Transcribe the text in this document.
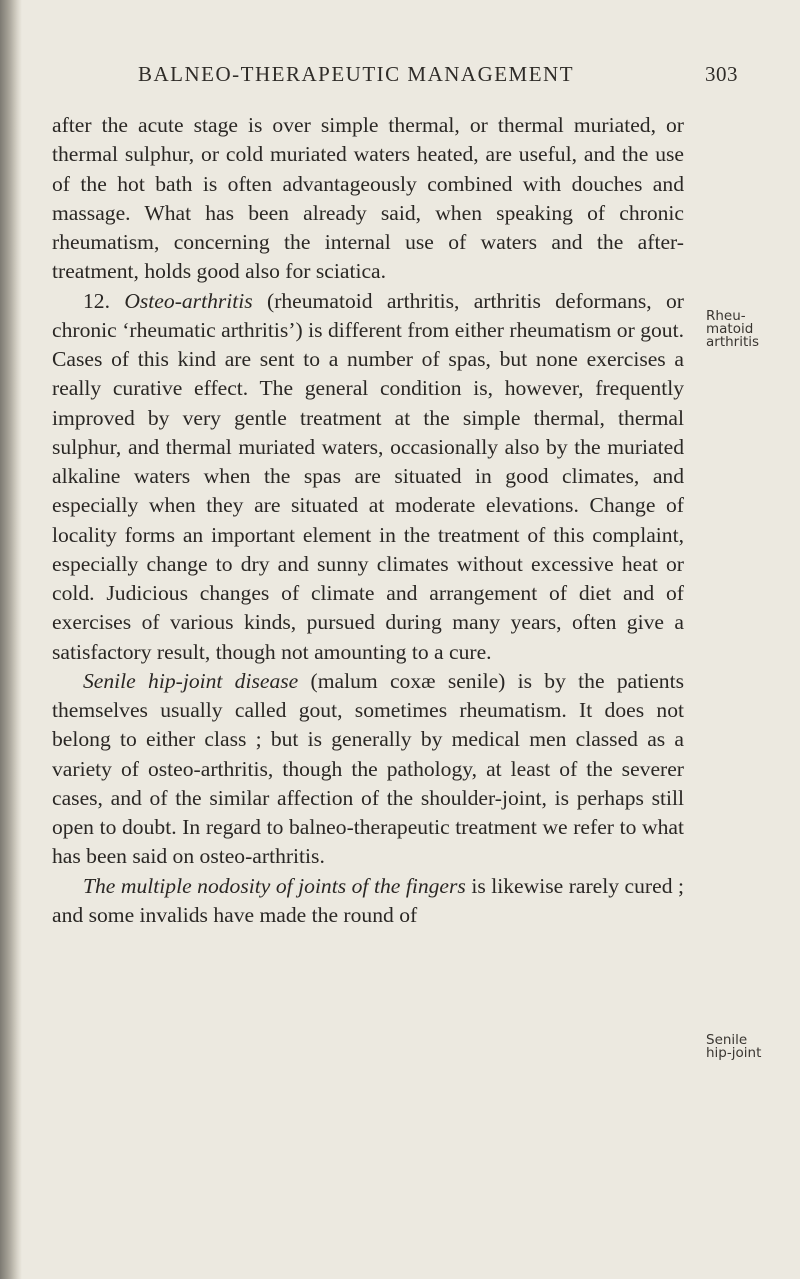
BALNEO-THERAPEUTIC MANAGEMENT	303

after the acute stage is over simple thermal, or thermal muriated, or thermal sulphur, or cold muriated waters heated, are useful, and the use of the hot bath is often advantageously combined with douches and massage. What has been already said, when speaking of chronic rheumatism, concerning the internal use of waters and the after-treatment, holds good also for sciatica.

12. Osteo-arthritis (rheumatoid arthritis, arthritis deformans, or chronic ‘rheumatic arthritis’) is different from either rheumatism or gout. Cases of this kind are sent to a number of spas, but none exercises a really curative effect. The general condition is, however, frequently improved by very gentle treatment at the simple thermal, thermal sulphur, and thermal muriated waters, occasionally also by the muriated alkaline waters when the spas are situated in good climates, and especially when they are situated at moderate elevations. Change of locality forms an important element in the treatment of this complaint, especially change to dry and sunny climates without excessive heat or cold. Judicious changes of climate and arrangement of diet and of exercises of various kinds, pursued during many years, often give a satisfactory result, though not amounting to a cure.

Senile hip-joint disease (malum coxæ senile) is by the patients themselves usually called gout, sometimes rheumatism. It does not belong to either class ; but is generally by medical men classed as a variety of osteo-arthritis, though the pathology, at least of the severer cases, and of the similar affection of the shoulder-joint, is perhaps still open to doubt. In regard to balneo-therapeutic treatment we refer to what has been said on osteo-arthritis.

The multiple nodosity of joints of the fingers is likewise rarely cured ; and some invalids have made the round of

Rheu-
matoid
arthritis
Senile
hip-joint
